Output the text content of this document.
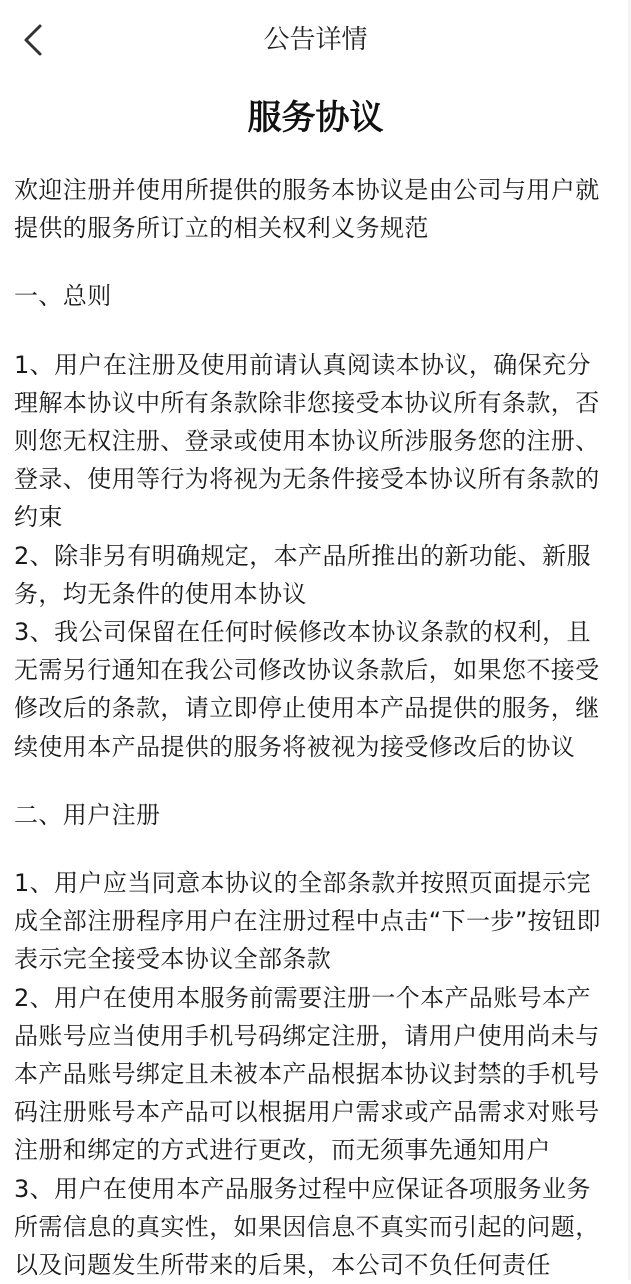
公告详情
服务协议

欢迎注册并使用所提供的服务本协议是由公司与用户就提供的服务所订立的相关权利义务规范

一、总则

1、用户在注册及使用前请认真阅读本协议，确保充分理解本协议中所有条款除非您接受本协议所有条款，否则您无权注册、登录或使用本协议所涉服务您的注册、登录、使用等行为将视为无条件接受本协议所有条款的约束

2、除非另有明确规定，本产品所推出的新功能、新服务，均无条件的使用本协议

3、我公司保留在任何时候修改本协议条款的权利，且无需另行通知在我公司修改协议条款后，如果您不接受修改后的条款，请立即停止使用本产品提供的服务，继续使用本产品提供的服务将被视为接受修改后的协议

二、用户注册

1、用户应当同意本协议的全部条款并按照页面提示完成全部注册程序用户在注册过程中点击“下一步”按钮即表示完全接受本协议全部条款

2、用户在使用本服务前需要注册一个本产品账号本产品账号应当使用手机号码绑定注册，请用户使用尚未与本产品账号绑定且未被本产品根据本协议封禁的手机号码注册账号本产品可以根据用户需求或产品需求对账号注册和绑定的方式进行更改，而无须事先通知用户

3、用户在使用本产品服务过程中应保证各项服务业务所需信息的真实性，如果因信息不真实而引起的问题，以及问题发生所带来的后果，本公司不负任何责任
